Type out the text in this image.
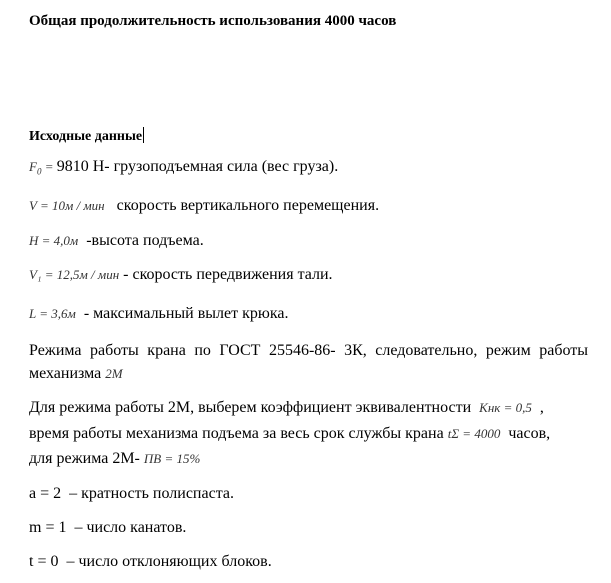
Общая продолжительность использования 4000 часов
Исходные данные
$F_0 = 9810$ Н- грузоподъемная сила (вес груза).
V = 10м / мин скорость вертикального перемещения.
H = 4,0м -высота подъема.
V₁ = 12,5м / мин - скорость передвижения тали.
L = 3,6м - максимальный вылет крюка.
Режима работы крана по ГОСТ 25546-86- 3К, следовательно, режим работы
механизма 2М
Для режима работы 2М, выберем коэффициент эквивалентности Kнк = 0,5 ,
время работы механизма подъема за весь срок службы крана tΣ = 4000 часов,
для режима 2М- ПВ = 15%
a = 2 – кратность полиспаста.
m = 1 – число канатов.
t = 0 – число отклоняющих блоков.
